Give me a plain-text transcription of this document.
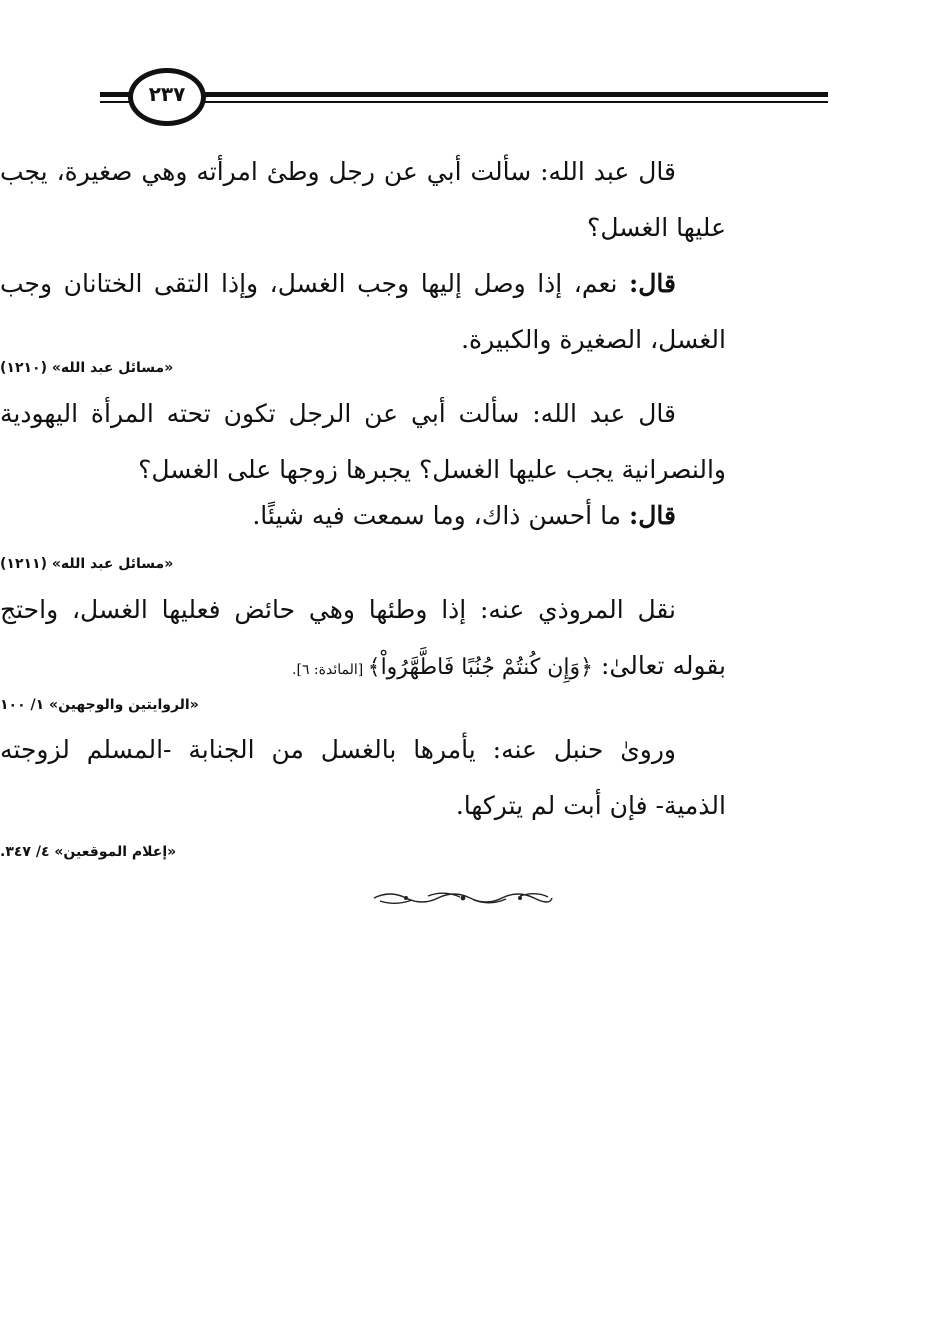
٢٣٧
قال عبد الله: سألت أبي عن رجل وطئ امرأته وهي صغيرة، يجب عليها الغسل؟
قال: نعم، إذا وصل إليها وجب الغسل، وإذا التقى الختانان وجب الغسل، الصغيرة والكبيرة.
«مسائل عبد الله» (١٢١٠)
قال عبد الله: سألت أبي عن الرجل تكون تحته المرأة اليهودية والنصرانية يجب عليها الغسل؟ يجبرها زوجها على الغسل؟
قال: ما أحسن ذاك، وما سمعت فيه شيئًا.
«مسائل عبد الله» (١٢١١)
نقل المروذي عنه: إذا وطئها وهي حائض فعليها الغسل، واحتج بقوله تعالىٰ: ﴿وَإِن كُنتُمْ جُنُبًا فَاطَّهَّرُواْ﴾ [المائدة: ٦].
«الروايتين والوجهين» ١/ ١٠٠
وروىٰ حنبل عنه: يأمرها بالغسل من الجنابة -المسلم لزوجته الذمية- فإن أبت لم يتركها.
«إعلام الموقعين» ٤/ ٣٤٧.
